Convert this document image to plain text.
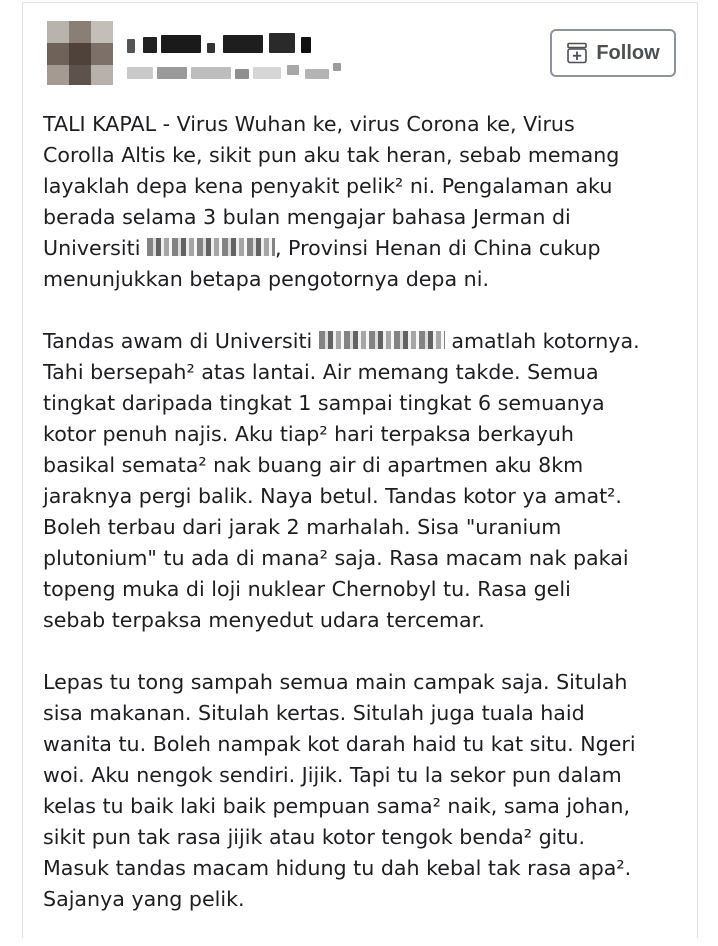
Follow

TALI KAPAL - Virus Wuhan ke, virus Corona ke, Virus
Corolla Altis ke, sikit pun aku tak heran, sebab memang
layaklah depa kena penyakit pelik² ni. Pengalaman aku
berada selama 3 bulan mengajar bahasa Jerman di
Universiti	, Provinsi Henan di China cukup
menunjukkan betapa pengotornya depa ni.

Tandas awam di Universiti	amatlah kotornya.
Tahi bersepah² atas lantai. Air memang takde. Semua
tingkat daripada tingkat 1 sampai tingkat 6 semuanya
kotor penuh najis. Aku tiap² hari terpaksa berkayuh
basikal semata² nak buang air di apartmen aku 8km
jaraknya pergi balik. Naya betul. Tandas kotor ya amat².
Boleh terbau dari jarak 2 marhalah. Sisa "uranium
plutonium" tu ada di mana² saja. Rasa macam nak pakai
topeng muka di loji nuklear Chernobyl tu. Rasa geli
sebab terpaksa menyedut udara tercemar.

Lepas tu tong sampah semua main campak saja. Situlah
sisa makanan. Situlah kertas. Situlah juga tuala haid
wanita tu. Boleh nampak kot darah haid tu kat situ. Ngeri
woi. Aku nengok sendiri. Jijik. Tapi tu la sekor pun dalam
kelas tu baik laki baik pempuan sama² naik, sama johan,
sikit pun tak rasa jijik atau kotor tengok benda² gitu.
Masuk tandas macam hidung tu dah kebal tak rasa apa².
Sajanya yang pelik.
